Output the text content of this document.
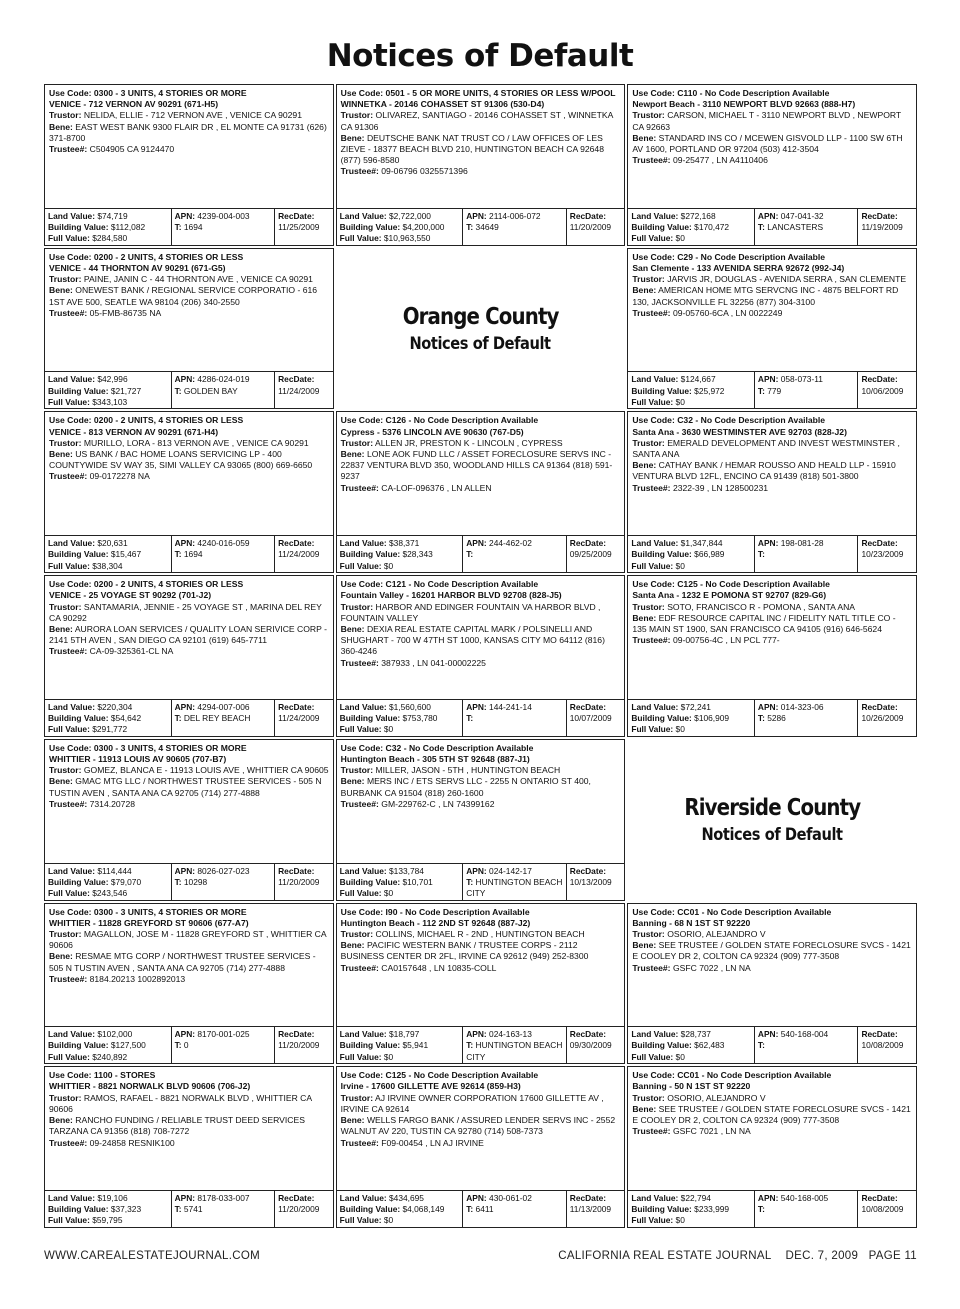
Notices of Default
Use Code: 0300 - 3 UNITS, 4 STORIES OR MORE
VENICE - 712 VERNON AV 90291 (671-H5)
Trustor: NELIDA, ELLIE - 712 VERNON AVE , VENICE CA 90291
Bene: EAST WEST BANK 9300 FLAIR DR , EL MONTE CA 91731 (626) 371-8700
Trustee#: C504905 CA 9124470
Land Value: $74,719
Building Value: $112,082
Full Value: $284,580
APN: 4239-004-003
T: 1694
RecDate:
11/25/2009
Use Code: 0501 - 5 OR MORE UNITS, 4 STORIES OR LESS W/POOL
WINNETKA - 20146 COHASSET ST 91306 (530-D4)
Trustor: OLIVAREZ, SANTIAGO - 20146 COHASSET ST , WINNETKA CA 91306
Bene: DEUTSCHE BANK NAT TRUST CO / LAW OFFICES OF LES ZIEVE - 18377 BEACH BLVD 210, HUNTINGTON BEACH CA 92648 (877) 596-8580
Trustee#: 09-06796 0325571396
Land Value: $2,722,000
Building Value: $4,200,000
Full Value: $10,963,550
APN: 2114-006-072
T: 34649
RecDate:
11/20/2009
Use Code: C110 - No Code Description Available
Newport Beach - 3110 NEWPORT BLVD 92663 (888-H7)
Trustor: CARSON, MICHAEL T - 3110 NEWPORT BLVD , NEWPORT CA 92663
Bene: STANDARD INS CO / MCEWEN GISVOLD LLP - 1100 SW 6TH AV 1600, PORTLAND OR 97204 (503) 412-3504
Trustee#: 09-25477 , LN A4110406
Land Value: $272,168
Building Value: $170,472
Full Value: $0
APN: 047-041-32
T: LANCASTERS
RecDate:
11/19/2009
Use Code: 0200 - 2 UNITS, 4 STORIES OR LESS
VENICE - 44 THORNTON AV 90291 (671-G5)
Trustor: PAINE, JANIN C - 44 THORNTON AVE , VENICE CA 90291
Bene: ONEWEST BANK / REGIONAL SERVICE CORPORATIO - 616 1ST AVE 500, SEATLE WA 98104 (206) 340-2550
Trustee#: 05-FMB-86735 NA
Land Value: $42,996
Building Value: $21,727
Full Value: $343,103
APN: 4286-024-019
T: GOLDEN BAY
RecDate:
11/24/2009
Orange County
Notices of Default
Use Code: C29 - No Code Description Available
San Clemente - 133 AVENIDA SERRA 92672 (992-J4)
Trustor: JARVIS JR, DOUGLAS - AVENIDA SERRA , SAN CLEMENTE
Bene: AMERICAN HOME MTG SERVCNG INC - 4875 BELFORT RD 130, JACKSONVILLE FL 32256 (877) 304-3100
Trustee#: 09-05760-6CA , LN 0022249
Land Value: $124,667
Building Value: $25,972
Full Value: $0
APN: 058-073-11
T: 779
RecDate:
10/06/2009
Use Code: 0200 - 2 UNITS, 4 STORIES OR LESS
VENICE - 813 VERNON AV 90291 (671-H4)
Trustor: MURILLO, LORA - 813 VERNON AVE , VENICE CA 90291
Bene: US BANK / BAC HOME LOANS SERVICING LP - 400 COUNTYWIDE SV WAY 35, SIMI VALLEY CA 93065 (800) 669-6650
Trustee#: 09-0172278 NA
Land Value: $20,631
Building Value: $15,467
Full Value: $38,304
APN: 4240-016-059
T: 1694
RecDate:
11/24/2009
Use Code: C126 - No Code Description Available
Cypress - 5376 LINCOLN AVE 90630 (767-D5)
Trustor: ALLEN JR, PRESTON K - LINCOLN , CYPRESS
Bene: LONE AOK FUND LLC / ASSET FORECLOSURE SERVS INC - 22837 VENTURA BLVD 350, WOODLAND HILLS CA 91364 (818) 591-9237
Trustee#: CA-LOF-096376 , LN ALLEN
Land Value: $38,371
Building Value: $28,343
Full Value: $0
APN: 244-462-02
T:
RecDate:
09/25/2009
Use Code: C32 - No Code Description Available
Santa Ana - 3630 WESTMINSTER AVE 92703 (828-J2)
Trustor: EMERALD DEVELOPMENT AND INVEST WESTMINSTER , SANTA ANA
Bene: CATHAY BANK / HEMAR ROUSSO AND HEALD LLP - 15910 VENTURA BLVD 12FL, ENCINO CA 91439 (818) 501-3800
Trustee#: 2322-39 , LN 128500231
Land Value: $1,347,844
Building Value: $66,989
Full Value: $0
APN: 198-081-28
T:
RecDate:
10/23/2009
Use Code: 0200 - 2 UNITS, 4 STORIES OR LESS
VENICE - 25 VOYAGE ST 90292 (701-J2)
Trustor: SANTAMARIA, JENNIE - 25 VOYAGE ST , MARINA DEL REY CA 90292
Bene: AURORA LOAN SERVICES / QUALITY LOAN SERIVICE CORP - 2141 5TH AVEN , SAN DIEGO CA 92101 (619) 645-7711
Trustee#: CA-09-325361-CL NA
Land Value: $220,304
Building Value: $54,642
Full Value: $291,772
APN: 4294-007-006
T: DEL REY BEACH
RecDate:
11/24/2009
Use Code: C121 - No Code Description Available
Fountain Valley - 16201 HARBOR BLVD 92708 (828-J5)
Trustor: HARBOR AND EDINGER FOUNTAIN VA HARBOR BLVD , FOUNTAIN VALLEY
Bene: DEXIA REAL ESTATE CAPITAL MARK / POLSINELLI AND SHUGHART - 700 W 47TH ST 1000, KANSAS CITY MO 64112 (816) 360-4246
Trustee#: 387933 , LN 041-00002225
Land Value: $1,560,600
Building Value: $753,780
Full Value: $0
APN: 144-241-14
T:
RecDate:
10/07/2009
Use Code: C125 - No Code Description Available
Santa Ana - 1232 E POMONA ST 92707 (829-G6)
Trustor: SOTO, FRANCISCO R - POMONA , SANTA ANA
Bene: EDF RESOURCE CAPITAL INC / FIDELITY NATL TITLE CO - 135 MAIN ST 1900, SAN FRANCISCO CA 94105 (916) 646-5624
Trustee#: 09-00756-4C , LN PCL 777-
Land Value: $72,241
Building Value: $106,909
Full Value: $0
APN: 014-323-06
T: 5286
RecDate:
10/26/2009
Use Code: 0300 - 3 UNITS, 4 STORIES OR MORE
WHITTIER - 11913 LOUIS AV 90605 (707-B7)
Trustor: GOMEZ, BLANCA E - 11913 LOUIS AVE , WHITTIER CA 90605
Bene: GMAC MTG LLC / NORTHWEST TRUSTEE SERVICES - 505 N TUSTIN AVEN , SANTA ANA CA 92705 (714) 277-4888
Trustee#: 7314.20728
Land Value: $114,444
Building Value: $79,070
Full Value: $243,546
APN: 8026-027-023
T: 10298
RecDate:
11/20/2009
Use Code: C32 - No Code Description Available
Huntington Beach - 305 5TH ST 92648 (887-J1)
Trustor: MILLER, JASON - 5TH , HUNTINGTON BEACH
Bene: MERS INC / ETS SERVS LLC - 2255 N ONTARIO ST 400, BURBANK CA 91504 (818) 260-1600
Trustee#: GM-229762-C , LN 74399162
Land Value: $133,784
Building Value: $10,701
Full Value: $0
APN: 024-142-17
T: HUNTINGTON BEACH CITY
RecDate:
10/13/2009
Riverside County
Notices of Default
Use Code: 0300 - 3 UNITS, 4 STORIES OR MORE
WHITTIER - 11828 GREYFORD ST 90606 (677-A7)
Trustor: MAGALLON, JOSE M - 11828 GREYFORD ST , WHITTIER CA 90606
Bene: RESMAE MTG CORP / NORTHWEST TRUSTEE SERVICES - 505 N TUSTIN AVEN , SANTA ANA CA 92705 (714) 277-4888
Trustee#: 8184.20213 1002892013
Land Value: $102,000
Building Value: $127,500
Full Value: $240,892
APN: 8170-001-025
T: 0
RecDate:
11/20/2009
Use Code: I90 - No Code Description Available
Huntington Beach - 112 2ND ST 92648 (887-J2)
Trustor: COLLINS, MICHAEL R - 2ND , HUNTINGTON BEACH
Bene: PACIFIC WESTERN BANK / TRUSTEE CORPS - 2112 BUSINESS CENTER DR 2FL, IRVINE CA 92612 (949) 252-8300
Trustee#: CA0157648 , LN 10835-COLL
Land Value: $18,797
Building Value: $5,941
Full Value: $0
APN: 024-163-13
T: HUNTINGTON BEACH CITY
RecDate:
09/30/2009
Use Code: CC01 - No Code Description Available
Banning - 68 N 1ST ST 92220
Trustor: OSORIO, ALEJANDRO V
Bene: SEE TRUSTEE / GOLDEN STATE FORECLOSURE SVCS - 1421 E COOLEY DR 2, COLTON CA 92324 (909) 777-3508
Trustee#: GSFC 7022 , LN NA
Land Value: $28,737
Building Value: $62,483
Full Value: $0
APN: 540-168-004
T:
RecDate:
10/08/2009
Use Code: 1100 - STORES
WHITTIER - 8821 NORWALK BLVD 90606 (706-J2)
Trustor: RAMOS, RAFAEL - 8821 NORWALK BLVD , WHITTIER CA 90606
Bene: RANCHO FUNDING / RELIABLE TRUST DEED SERVICES TARZANA CA 91356 (818) 708-7272
Trustee#: 09-24858 RESNIK100
Land Value: $19,106
Building Value: $37,323
Full Value: $59,795
APN: 8178-033-007
T: 5741
RecDate:
11/20/2009
Use Code: C125 - No Code Description Available
Irvine - 17600 GILLETTE AVE 92614 (859-H3)
Trustor: AJ IRVINE OWNER CORPORATION 17600 GILLETTE AV , IRVINE CA 92614
Bene: WELLS FARGO BANK / ASSURED LENDER SERVS INC - 2552 WALNUT AV 220, TUSTIN CA 92780 (714) 508-7373
Trustee#: F09-00454 , LN AJ IRVINE
Land Value: $434,695
Building Value: $4,068,149
Full Value: $0
APN: 430-061-02
T: 6411
RecDate:
11/13/2009
Use Code: CC01 - No Code Description Available
Banning - 50 N 1ST ST 92220
Trustor: OSORIO, ALEJANDRO V
Bene: SEE TRUSTEE / GOLDEN STATE FORECLOSURE SVCS - 1421 E COOLEY DR 2, COLTON CA 92324 (909) 777-3508
Trustee#: GSFC 7021 , LN NA
Land Value: $22,794
Building Value: $233,999
Full Value: $0
APN: 540-168-005
T:
RecDate:
10/08/2009
WWW.CAREALESTATEJOURNAL.COM	CALIFORNIA REAL ESTATE JOURNAL DEC. 7, 2009 PAGE 11
